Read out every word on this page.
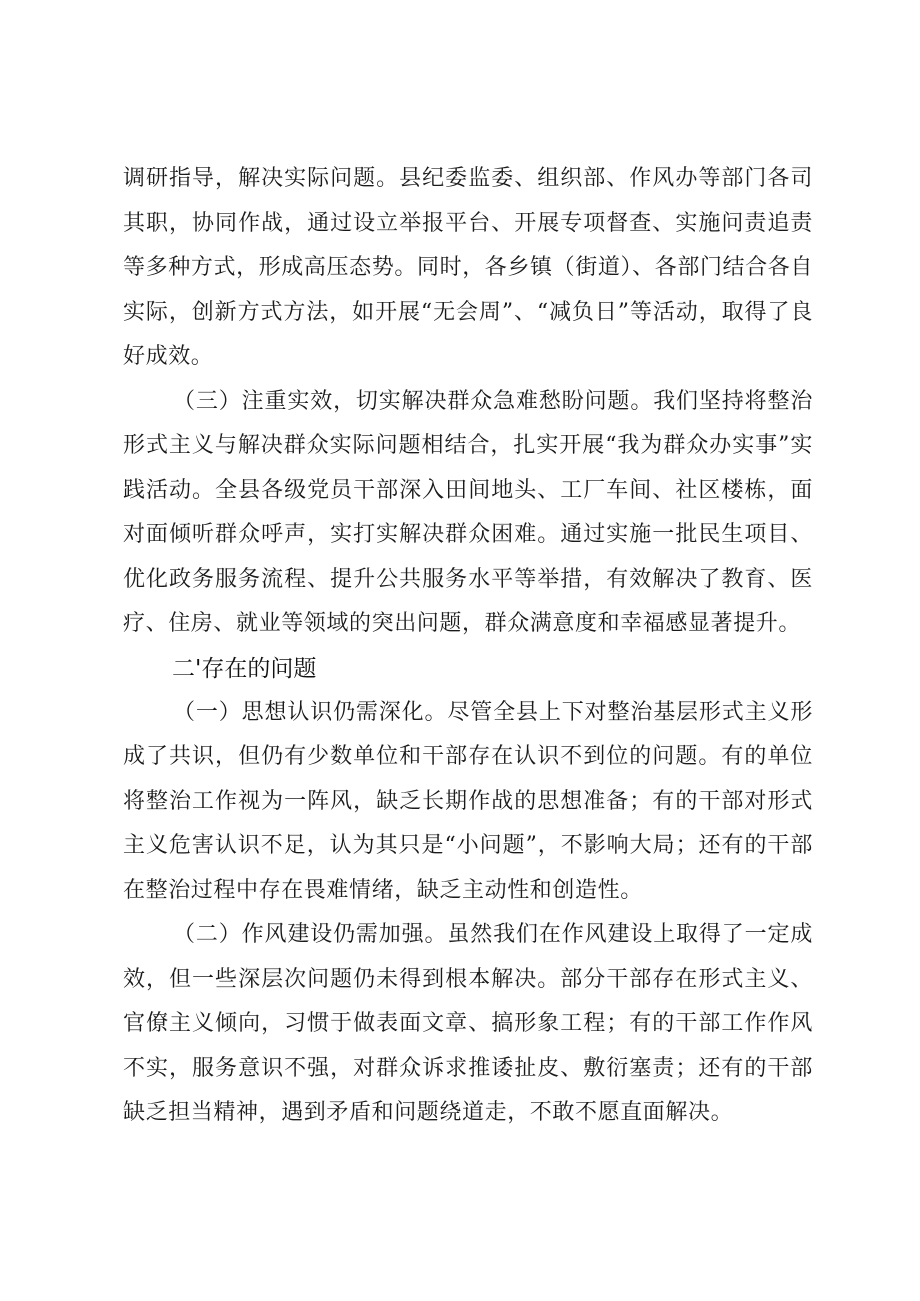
调研指导，解决实际问题。县纪委监委、组织部、作风办等部门各司其职，协同作战，通过设立举报平台、开展专项督查、实施问责追责等多种方式，形成高压态势。同时，各乡镇（街道）、各部门结合各自实际，创新方式方法，如开展“无会周”、“减负日”等活动，取得了良好成效。

（三）注重实效，切实解决群众急难愁盼问题。我们坚持将整治形式主义与解决群众实际问题相结合，扎实开展“我为群众办实事”实践活动。全县各级党员干部深入田间地头、工厂车间、社区楼栋，面对面倾听群众呼声，实打实解决群众困难。通过实施一批民生项目、优化政务服务流程、提升公共服务水平等举措，有效解决了教育、医疗、住房、就业等领域的突出问题，群众满意度和幸福感显著提升。

二'存在的问题

（一）思想认识仍需深化。尽管全县上下对整治基层形式主义形成了共识，但仍有少数单位和干部存在认识不到位的问题。有的单位将整治工作视为一阵风，缺乏长期作战的思想准备；有的干部对形式主义危害认识不足，认为其只是“小问题”，不影响大局；还有的干部在整治过程中存在畏难情绪，缺乏主动性和创造性。

（二）作风建设仍需加强。虽然我们在作风建设上取得了一定成效，但一些深层次问题仍未得到根本解决。部分干部存在形式主义、官僚主义倾向，习惯于做表面文章、搞形象工程；有的干部工作作风不实，服务意识不强，对群众诉求推诿扯皮、敷衍塞责；还有的干部缺乏担当精神，遇到矛盾和问题绕道走，不敢不愿直面解决。
